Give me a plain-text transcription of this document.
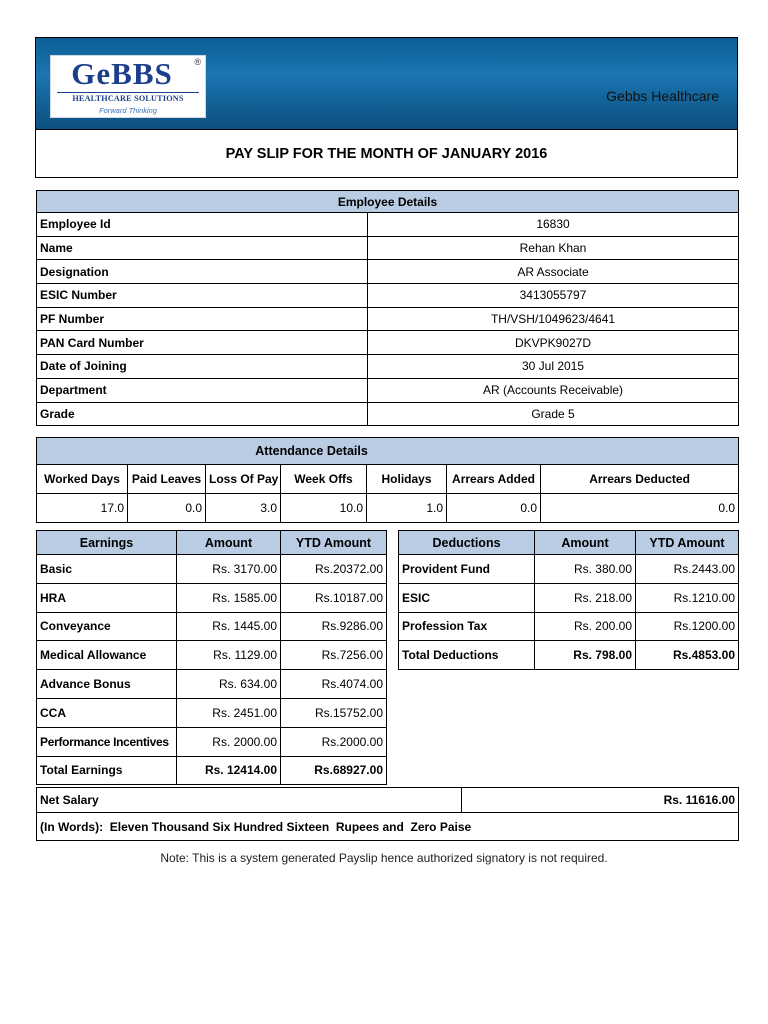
GeBBS	®
HEALTHCARE SOLUTIONS
Forward Thinking
Gebbs Healthcare
PAY SLIP FOR THE MONTH OF JANUARY 2016
Employee Details	
Employee Id	16830
Name	Rehan Khan
Designation	AR Associate
ESIC Number	3413055797
PF Number	TH/VSH/1049623/4641
PAN Card Number	DKVPK9027D
Date of Joining	30 Jul 2015
Department	AR (Accounts Receivable)
Grade	Grade 5
Attendance Details						
Worked Days	Paid Leaves	Loss Of Pay	Week Offs	Holidays	Arrears Added	Arrears Deducted
17.0	0.0	3.0	10.0	1.0	0.0	0.0
Earnings	Amount	YTD Amount
Basic	Rs. 3170.00	Rs.20372.00
HRA	Rs. 1585.00	Rs.10187.00
Conveyance	Rs. 1445.00	Rs.9286.00
Medical Allowance	Rs. 1129.00	Rs.7256.00
Advance Bonus	Rs. 634.00	Rs.4074.00
CCA	Rs. 2451.00	Rs.15752.00
Performance Incentives	Rs. 2000.00	Rs.2000.00
Total Earnings	Rs. 12414.00	Rs.68927.00
Deductions	Amount	YTD Amount
Provident Fund	Rs. 380.00	Rs.2443.00
ESIC	Rs. 218.00	Rs.1210.00
Profession Tax	Rs. 200.00	Rs.1200.00
Total Deductions	Rs. 798.00	Rs.4853.00
Net Salary	Rs. 11616.00
(In Words):  Eleven Thousand Six Hundred Sixteen  Rupees and  Zero Paise
Note: This is a system generated Payslip hence authorized signatory is not required.
